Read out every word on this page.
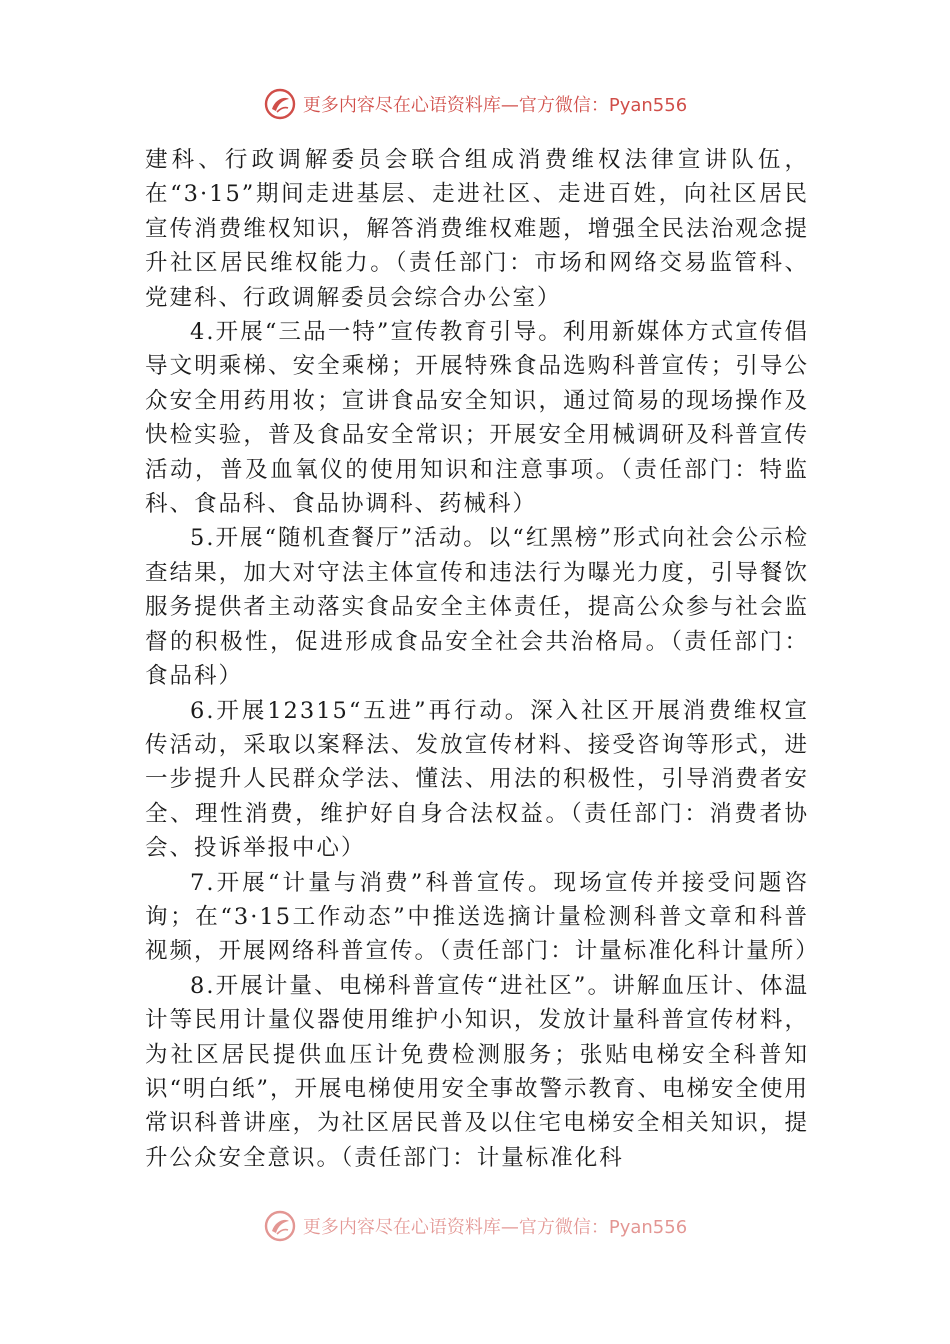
更多内容尽在心语资料库—官方微信：Pyan556

建科、行政调解委员会联合组成消费维权法律宣讲队伍，在“3·15”期间走进基层、走进社区、走进百姓，向社区居民宣传消费维权知识，解答消费维权难题，增强全民法治观念提升社区居民维权能力。（责任部门：市场和网络交易监管科、党建科、行政调解委员会综合办公室）

4.开展“三品一特”宣传教育引导。利用新媒体方式宣传倡导文明乘梯、安全乘梯；开展特殊食品选购科普宣传；引导公众安全用药用妆；宣讲食品安全知识，通过简易的现场操作及快检实验，普及食品安全常识；开展安全用械调研及科普宣传活动，普及血氧仪的使用知识和注意事项。（责任部门：特监科、食品科、食品协调科、药械科）

5.开展“随机查餐厅”活动。以“红黑榜”形式向社会公示检查结果，加大对守法主体宣传和违法行为曝光力度，引导餐饮服务提供者主动落实食品安全主体责任，提高公众参与社会监督的积极性，促进形成食品安全社会共治格局。（责任部门：食品科）

6.开展12315“五进”再行动。深入社区开展消费维权宣传活动，采取以案释法、发放宣传材料、接受咨询等形式，进一步提升人民群众学法、懂法、用法的积极性，引导消费者安全、理性消费，维护好自身合法权益。（责任部门：消费者协会、投诉举报中心）

7.开展“计量与消费”科普宣传。现场宣传并接受问题咨询；在“3·15工作动态”中推送选摘计量检测科普文章和科普视频，开展网络科普宣传。（责任部门：计量标准化科计量所）

8.开展计量、电梯科普宣传“进社区”。讲解血压计、体温计等民用计量仪器使用维护小知识，发放计量科普宣传材料，为社区居民提供血压计免费检测服务；张贴电梯安全科普知识“明白纸”，开展电梯使用安全事故警示教育、电梯安全使用常识科普讲座，为社区居民普及以住宅电梯安全相关知识，提升公众安全意识。（责任部门：计量标准化科

更多内容尽在心语资料库—官方微信：Pyan556
